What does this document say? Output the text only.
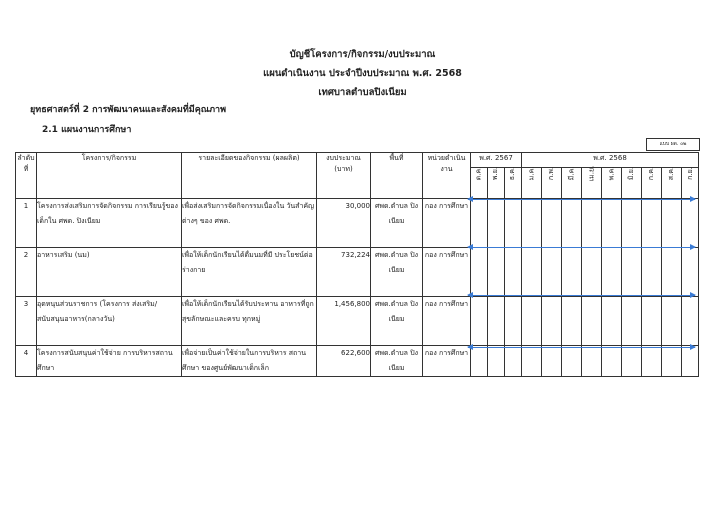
บัญชีโครงการ/กิจกรรม/งบประมาณ
แผนดำเนินงาน ประจำปีงบประมาณ พ.ศ. 2568
เทศบาลตำบลปิงเนียม
ยุทธศาสตร์ที่ 2 การพัฒนาคนและสังคมที่มีคุณภาพ
2.1 แผนงานการศึกษา
แบบ ผด. ๐๒
ลำดับที่	โครงการ/กิจกรรม	รายละเอียดของกิจกรรม (ผลผลิต)	งบประมาณ (บาท)	พื้นที่	หน่วยดำเนินงาน	พ.ศ. 2567			พ.ศ. 2568								
						ต.ค.	พ.ย.	ธ.ค.	ม.ค.	ก.พ.	มี.ค.	เม.ย.	พ.ค.	มิ.ย.	ก.ค.	ส.ค.	ก.ย.
1	โครงการส่งเสริมการจัดกิจกรรม การเรียนรู้ของเด็กใน ศพด. ปิงเนียม	เพื่อส่งเสริมการจัดกิจกรรมเนื่องใน วันสำคัญต่างๆ ของ ศพด.	30,000	ศพด.ตำบล ปิงเนียม	กอง การศึกษา												
2	อาหารเสริม (นม)	เพื่อให้เด็กนักเรียนได้ดื่มนมที่มี ประโยชน์ต่อร่างกาย	732,224	ศพด.ตำบล ปิงเนียม	กอง การศึกษา												
3	อุดหนุนส่วนราชการ (โครงการ ส่งเสริม/สนับสนุนอาหาร(กลางวัน)	เพื่อให้เด็กนักเรียนได้รับประทาน อาหารที่ถูกสุขลักษณะและครบ ทุกหมู่	1,456,800	ศพด.ตำบล ปิงเนียม	กอง การศึกษา												
4	โครงการสนับสนุนค่าใช้จ่าย การบริหารสถานศึกษา	เพื่อจ่ายเป็นค่าใช้จ่ายในการบริหาร สถานศึกษา ของศูนย์พัฒนาเด็กเล็ก	622,600	ศพด.ตำบล ปิงเนียม	กอง การศึกษา												
